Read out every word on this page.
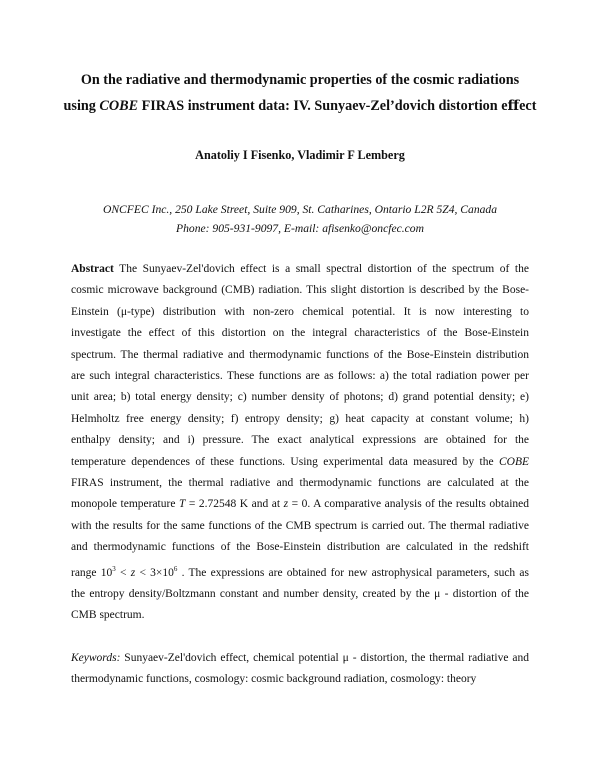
On the radiative and thermodynamic properties of the cosmic radiations
using COBE FIRAS instrument data: IV. Sunyaev-Zel’dovich distortion eﬀect
Anatoliy I Fisenko, Vladimir F Lemberg
ONCFEC Inc., 250 Lake Street, Suite 909, St. Catharines, Ontario L2R 5Z4, Canada
Phone: 905-931-9097, E-mail: afisenko@oncfec.com
Abstract The Sunyaev-Zel'dovich effect is a small spectral distortion of the spectrum of the
cosmic microwave background (CMB) radiation. This slight distortion is described by the Bose-
Einstein (μ-type) distribution with non-zero chemical potential. It is now interesting to
investigate the effect of this distortion on the integral characteristics of the Bose-Einstein
spectrum. The thermal radiative and thermodynamic functions of the Bose-Einstein distribution
are such integral characteristics. These functions are as follows: a) the total radiation power per
unit area; b) total energy density; c) number density of photons; d) grand potential density; e)
Helmholtz free energy density; f) entropy density; g) heat capacity at constant volume; h)
enthalpy density; and i) pressure. The exact analytical expressions are obtained for the
temperature dependences of these functions. Using experimental data measured by the COBE
FIRAS instrument, the thermal radiative and thermodynamic functions are calculated at the
monopole temperature T = 2.72548 K and at z = 0. A comparative analysis of the results obtained
with the results for the same functions of the CMB spectrum is carried out. The thermal radiative
and thermodynamic functions of the Bose-Einstein distribution are calculated in the redshift
range $10^3 < z < 3\times 10^6$ . The expressions are obtained for new astrophysical parameters, such as
the entropy density/Boltzmann constant and number density, created by the μ - distortion of the
CMB spectrum.
Keywords: Sunyaev-Zel'dovich effect, chemical potential μ - distortion, the thermal radiative and
thermodynamic functions, cosmology: cosmic background radiation, cosmology: theory
